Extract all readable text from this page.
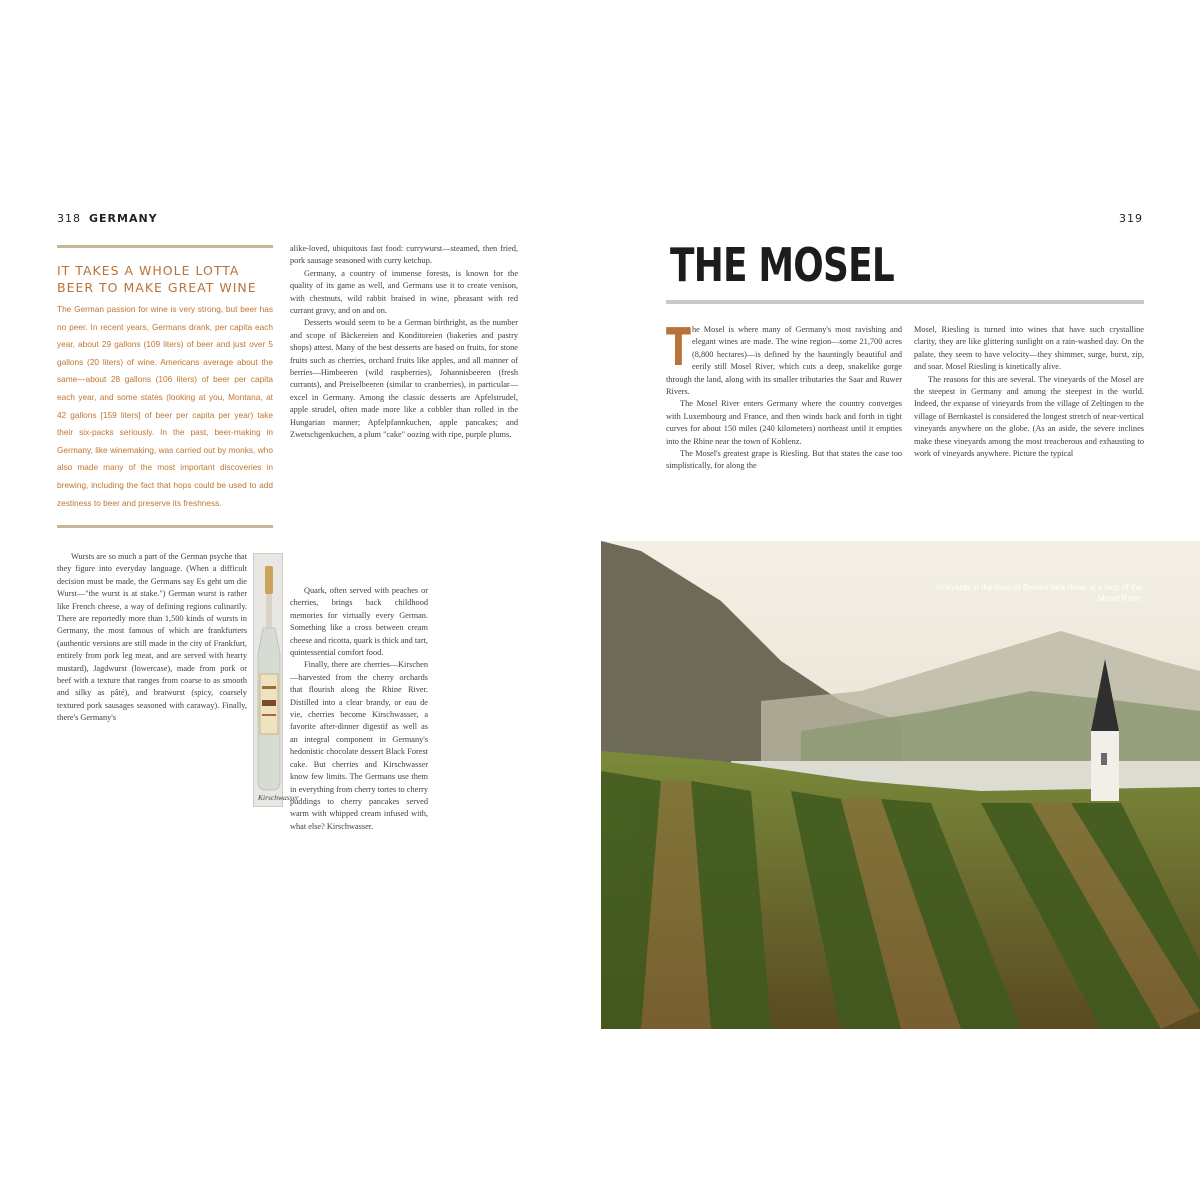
318 GERMANY
IT TAKES A WHOLE LOTTA BEER TO MAKE GREAT WINE
The German passion for wine is very strong, but beer has no peer. In recent years, Germans drank, per capita each year, about 29 gallons (109 liters) of beer and just over 5 gallons (20 liters) of wine. Americans average about the same—about 28 gallons (106 liters) of beer per capita each year, and some states (looking at you, Montana, at 42 gallons [159 liters] of beer per capita per year) take their six-packs seriously. In the past, beer-making in Germany, like winemaking, was carried out by monks, who also made many of the most important discoveries in brewing, including the fact that hops could be used to add zestiness to beer and preserve its freshness.

alike-loved, ubiquitous fast food: currywurst—steamed, then fried, pork sausage seasoned with curry ketchup.

Germany, a country of immense forests, is known for the quality of its game as well, and Germans use it to create venison, with chestnuts, wild rabbit braised in wine, pheasant with red currant gravy, and on and on.

Desserts would seem to be a German birthright, as the number and scope of Bäckereien and Konditoreien (bakeries and pastry shops) attest. Many of the best desserts are based on fruits, for stone fruits such as cherries, orchard fruits like apples, and all manner of berries—Himbeeren (wild raspberries), Johannisbeeren (fresh currants), and Preiselbeeren (similar to cranberries), in particular—excel in Germany. Among the classic desserts are Apfelstrudel, apple strudel, often made more like a cobbler than rolled in the Hungarian manner; Apfelpfannkuchen, apple pancakes; and Zwetschgenkuchen, a plum "cake" oozing with ripe, purple plums.

Wursts are so much a part of the German psyche that they figure into everyday language. (When a difficult decision must be made, the Germans say Es geht um die Wurst—"the wurst is at stake.") German wurst is rather like French cheese, a way of defining regions culinarily. There are reportedly more than 1,500 kinds of wursts in Germany, the most famous of which are frankfurters (authentic versions are still made in the city of Frankfurt, entirely from pork leg meat, and are served with hearty mustard), Jagdwurst (lowercase), made from pork or beef with a texture that ranges from coarse to as smooth and silky as pâté), and bratwurst (spicy, coarsely textured pork sausages seasoned with caraway). Finally, there's Germany's

Kirschwasser

Quark, often served with peaches or cherries, brings back childhood memories for virtually every German. Something like a cross between cream cheese and ricotta, quark is thick and tart, quintessential comfort food.

Finally, there are cherries—Kirschen—harvested from the cherry orchards that flourish along the Rhine River. Distilled into a clear brandy, or eau de vie, cherries become Kirschwasser, a favorite after-dinner digestif as well as an integral component in Germany's hedonistic chocolate dessert Black Forest cake. But cherries and Kirschwasser know few limits. The Germans use them in everything from cherry tortes to cherry puddings to cherry pancakes served warm with whipped cream infused with, what else? Kirschwasser.

319
THE MOSEL
T he Mosel is where many of Germany's most ravishing and elegant wines are made. The wine region—some 21,700 acres (8,800 hectares)—is defined by the hauntingly beautiful and eerily still Mosel River, which cuts a deep, snakelike gorge through the land, along with its smaller tributaries the Saar and Ruwer Rivers.

The Mosel River enters Germany where the country converges with Luxembourg and France, and then winds back and forth in tight curves for about 150 miles (240 kilometers) northeast until it empties into the Rhine near the town of Koblenz.

The Mosel's greatest grape is Riesling. But that states the case too simplistically, for along the

Mosel, Riesling is turned into wines that have such crystalline clarity, they are like glittering sunlight on a rain-washed day. On the palate, they seem to have velocity—they shimmer, surge, burst, zip, and soar. Mosel Riesling is kinetically alive.

The reasons for this are several. The vineyards of the Mosel are the steepest in Germany and among the steepest in the world. Indeed, the expanse of vineyards from the village of Zeltingen to the village of Bernkastel is considered the longest stretch of near-vertical vineyards anywhere on the globe. (As an aside, the severe inclines make these vineyards among the most treacherous and exhausting to work of vineyards anywhere. Picture the typical

Vineyards in the town of Bremm look down at a loop of the Mosel River.
